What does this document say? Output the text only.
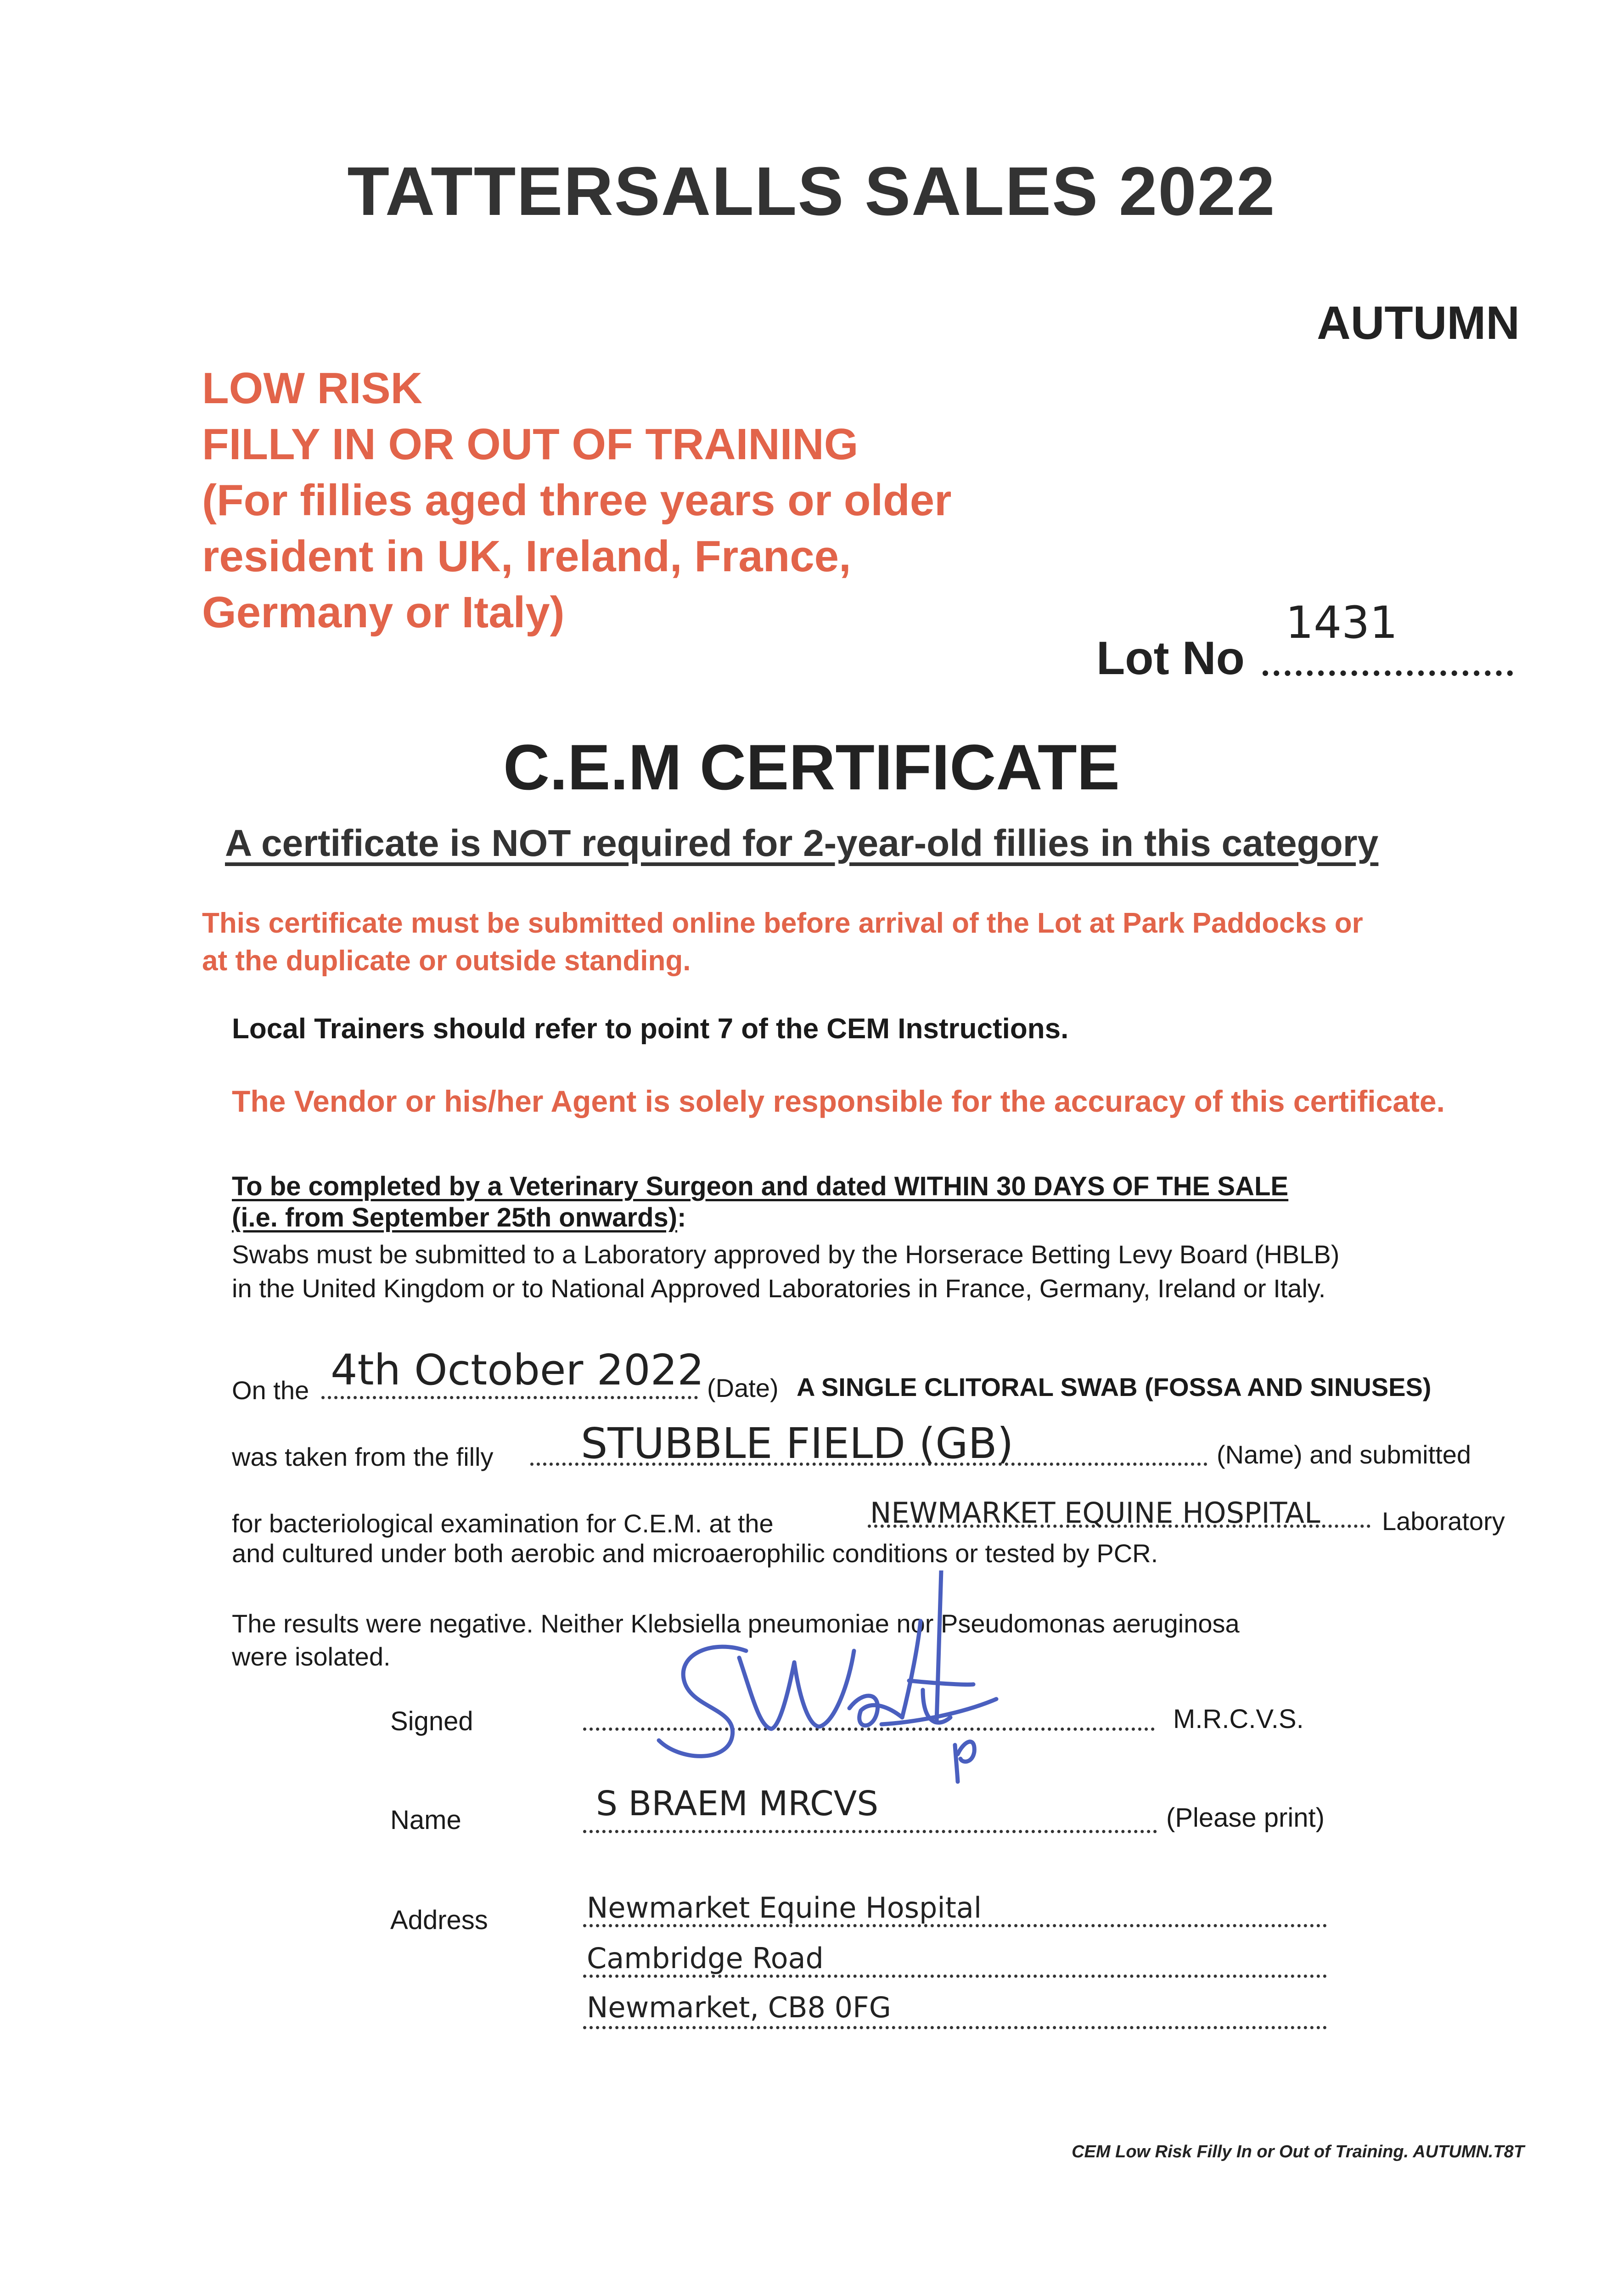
TATTERSALLS SALES 2022
AUTUMN
LOW RISK
FILLY IN OR OUT OF TRAINING
(For fillies aged three years or older
resident in UK, Ireland, France,
Germany or Italy)
Lot No
1431
C.E.M CERTIFICATE
A certificate is NOT required for 2-year-old fillies in this category
This certificate must be submitted online before arrival of the Lot at Park Paddocks or
at the duplicate or outside standing.
Local Trainers should refer to point 7 of the CEM Instructions.
The Vendor or his/her Agent is solely responsible for the accuracy of this certificate.
To be completed by a Veterinary Surgeon and dated WITHIN 30 DAYS OF THE SALE
(i.e. from September 25th onwards):
Swabs must be submitted to a Laboratory approved by the Horserace Betting Levy Board (HBLB)
in the United Kingdom or to National Approved Laboratories in France, Germany, Ireland or Italy.
On the 4th October 2022 (Date) A SINGLE CLITORAL SWAB (FOSSA AND SINUSES)
was taken from the filly STUBBLE FIELD (GB)	(Name) and submitted
for bacteriological examination for C.E.M. at the	NEWMARKET EQUINE HOSPITAL Laboratory
and cultured under both aerobic and microaerophilic conditions or tested by PCR.
The results were negative. Neither Klebsiella pneumoniae nor Pseudomonas aeruginosa
were isolated.
Signed	M.R.C.V.S.
Name	S BRAEM MRCVS	(Please print)
Address	Newmarket Equine Hospital
Cambridge Road
Newmarket, CB8 0FG
CEM Low Risk Filly In or Out of Training. AUTUMN.T8T
